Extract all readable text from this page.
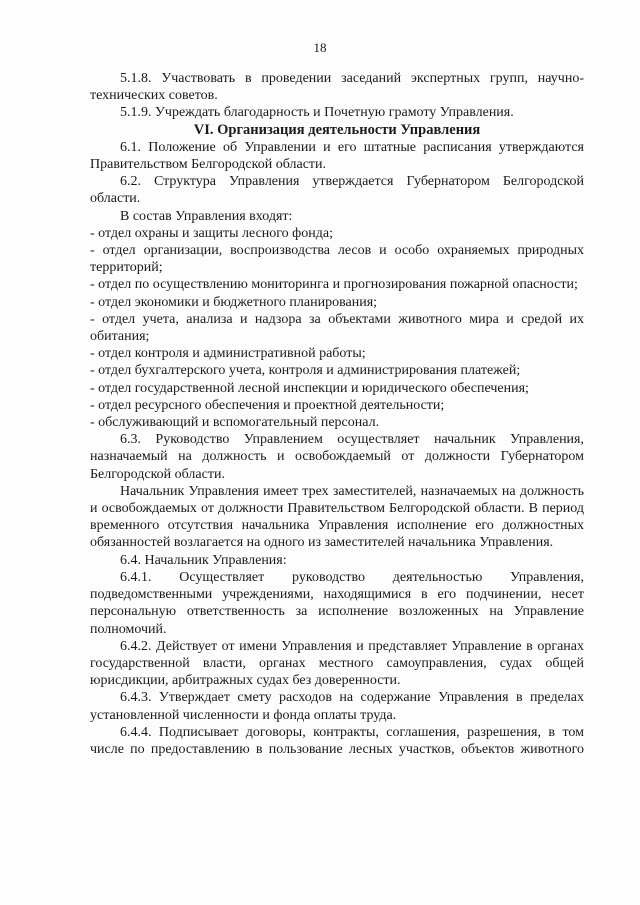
18

5.1.8. Участвовать в проведении заседаний экспертных групп, научно-технических советов.

5.1.9. Учреждать благодарность и Почетную грамоту Управления.

VI. Организация деятельности Управления

6.1. Положение об Управлении и его штатные расписания утверждаются Правительством Белгородской области.

6.2. Структура Управления утверждается Губернатором Белгородской области.

В состав Управления входят:

- отдел охраны и защиты лесного фонда;

- отдел организации, воспроизводства лесов и особо охраняемых природных территорий;

- отдел по осуществлению мониторинга и прогнозирования пожарной опасности;

- отдел экономики и бюджетного планирования;

- отдел учета, анализа и надзора за объектами животного мира и средой их обитания;

- отдел контроля и административной работы;

- отдел бухгалтерского учета, контроля и администрирования платежей;

- отдел государственной лесной инспекции и юридического обеспечения;

- отдел ресурсного обеспечения и проектной деятельности;

- обслуживающий и вспомогательный персонал.

6.3. Руководство Управлением осуществляет начальник Управления, назначаемый на должность и освобождаемый от должности Губернатором Белгородской области.

Начальник Управления имеет трех заместителей, назначаемых на должность и освобождаемых от должности Правительством Белгородской области. В период временного отсутствия начальника Управления исполнение его должностных обязанностей возлагается на одного из заместителей начальника Управления.

6.4. Начальник Управления:

6.4.1. Осуществляет руководство деятельностью Управления, подведомственными учреждениями, находящимися в его подчинении, несет персональную ответственность за исполнение возложенных на Управление полномочий.

6.4.2. Действует от имени Управления и представляет Управление в органах государственной власти, органах местного самоуправления, судах общей юрисдикции, арбитражных судах без доверенности.

6.4.3. Утверждает смету расходов на содержание Управления в пределах установленной численности и фонда оплаты труда.

6.4.4. Подписывает договоры, контракты, соглашения, разрешения, в том числе по предоставлению в пользование лесных участков, объектов животного
